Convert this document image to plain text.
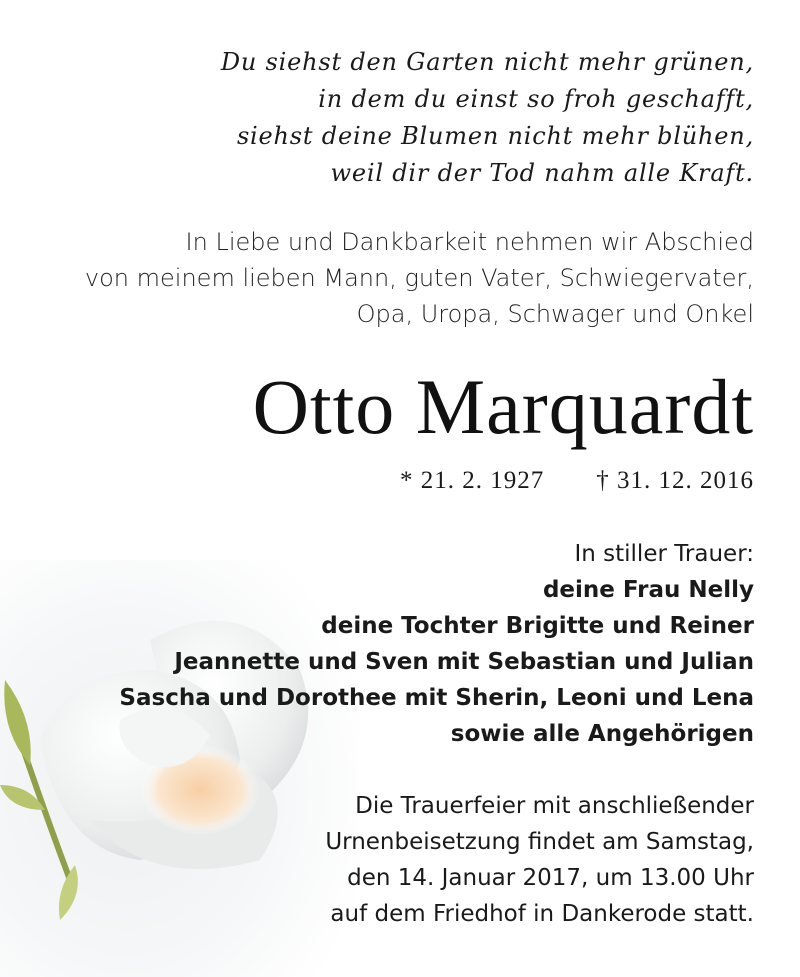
Du siehst den Garten nicht mehr grünen,
in dem du einst so froh geschafft,
siehst deine Blumen nicht mehr blühen,
weil dir der Tod nahm alle Kraft.
In Liebe und Dankbarkeit nehmen wir Abschied
von meinem lieben Mann, guten Vater, Schwiegervater,
Opa, Uropa, Schwager und Onkel
Otto Marquardt
* 21. 2. 1927 † 31. 12. 2016
In stiller Trauer:
deine Frau Nelly
deine Tochter Brigitte und Reiner
Jeannette und Sven mit Sebastian und Julian
Sascha und Dorothee mit Sherin, Leoni und Lena
sowie alle Angehörigen
Die Trauerfeier mit anschließender
Urnenbeisetzung findet am Samstag,
den 14. Januar 2017, um 13.00 Uhr
auf dem Friedhof in Dankerode statt.
